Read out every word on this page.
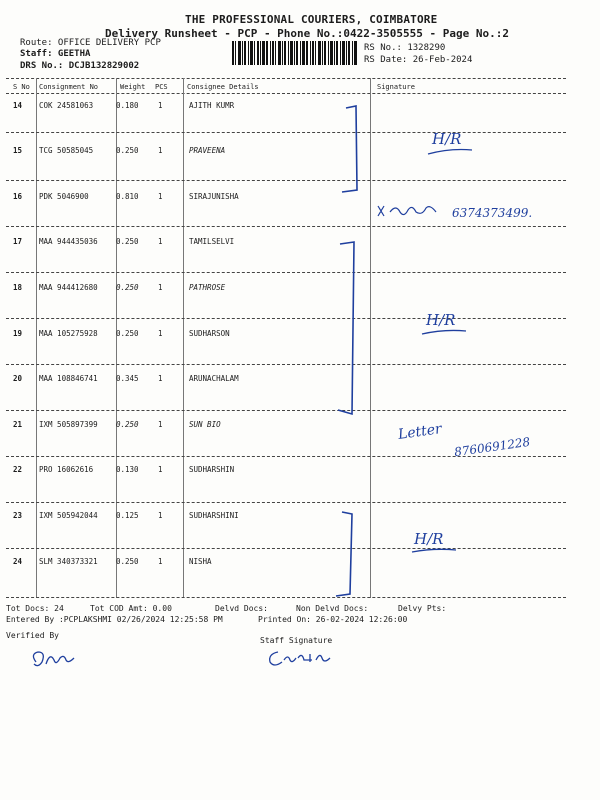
THE PROFESSIONAL COURIERS, COIMBATORE
Delivery Runsheet - PCP - Phone No.:0422-3505555 - Page No.:2
Route: OFFICE DELIVERY PCP
Staff: GEETHA
DRS No.: DCJB132829002
RS No.: 1328290
RS Date: 26-Feb-2024
S No Consignment No	Weight PCS	Consignee Details	Signature
14 COK 24581063	0.180	1	AJITH KUMR
15 TCG 50585045	0.250	1	PRAVEENA
16 PDK 5046900	0.810	1	SIRAJUNISHA
17 MAA 944435036 0.250	1	TAMILSELVI
18 MAA 944412680 0.250	1	PATHROSE
19 MAA 105275928 0.250	1	SUDHARSON
20 MAA 108846741 0.345	1	ARUNACHALAM
21 IXM 505897399 0.250	1	SUN BIO
22 PRO 16062616	0.130	1	SUDHARSHIN
23 IXM 505942044 0.125	1	SUDHARSHINI
24 SLM 340373321 0.250	1	NISHA
H/R
6374373499.
H/R
Letter
8760691228
H/R
Tot Docs: 24	Tot COD Amt: 0.00	Delvd Docs:	Non Delvd Docs:	Delvy Pts:
Entered By :PCPLAKSHMI 02/26/2024 12:25:58 PM	Printed On: 26-02-2024 12:26:00
Verified By
Staff Signature
